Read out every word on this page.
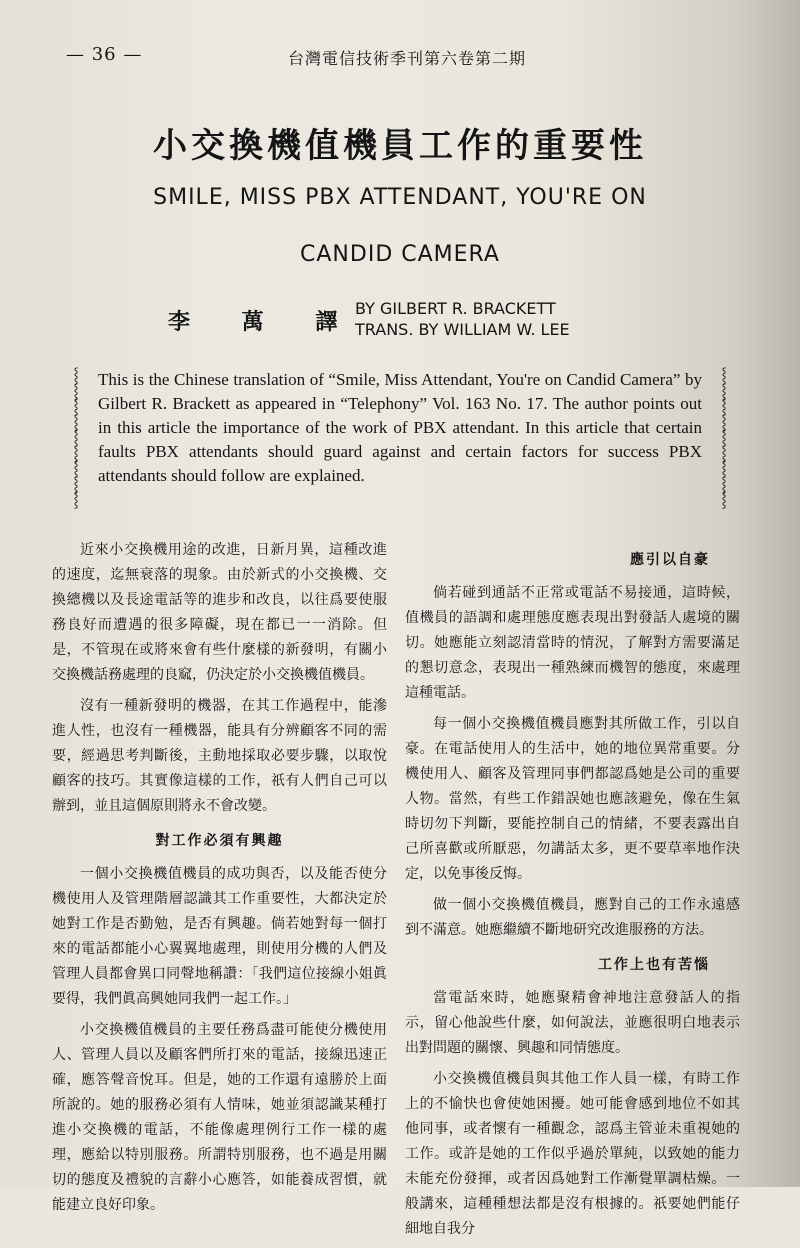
— 36 —	台灣電信技術季刊第六卷第二期
小交換機值機員工作的重要性
SMILE, MISS PBX ATTENDANT, YOU'RE ON
CANDID CAMERA
李 萬 譯
BY GILBERT R. BRACKETT
TRANS. BY WILLIAM W. LEE
⸾
⸾
⸾
⸾
⸾
⸾
⸾
⸾
⸾
This is the Chinese translation of “Smile, Miss Attendant, You're on Candid Camera” by Gilbert R. Brackett as appeared in “Telephony” Vol. 163 No. 17. The author points out in this article the importance of the work of PBX attendant. In this article that certain faults PBX attendants should guard against and certain factors for success PBX attendants should follow are explained.
⸾
⸾
⸾
⸾
⸾
⸾
⸾
⸾
⸾

近來小交換機用途的改進，日新月異，這種改進的速度，迄無衰落的現象。由於新式的小交換機、交換總機以及長途電話等的進步和改良，以往爲要使服務良好而遭遇的很多障礙，現在都已一一消除。但是，不管現在或將來會有些什麼樣的新發明，有關小交換機話務處理的良窳，仍決定於小交換機值機員。

沒有一種新發明的機器，在其工作過程中，能滲進人性，也沒有一種機器，能具有分辨顧客不同的需要，經過思考判斷後，主動地採取必要步驟，以取悅顧客的技巧。其實像這樣的工作，祇有人們自己可以辦到，並且這個原則將永不會改變。

對工作必須有興趣

一個小交換機值機員的成功與否，以及能否使分機使用人及管理階層認識其工作重要性，大都決定於她對工作是否勤勉，是否有興趣。倘若她對每一個打來的電話都能小心翼翼地處理，則使用分機的人們及管理人員都會異口同聲地稱讚：「我們這位接線小姐眞要得，我們眞高興她同我們一起工作。」

小交換機值機員的主要任務爲盡可能使分機使用人、管理人員以及顧客們所打來的電話，接線迅速正確，應答聲音悅耳。但是，她的工作還有遠勝於上面所說的。她的服務必須有人情味，她並須認識某種打進小交換機的電話，不能像處理例行工作一樣的處理，應給以特別服務。所謂特別服務，也不過是用關切的態度及禮貌的言辭小心應答，如能養成習慣，就能建立良好印象。

應引以自豪

倘若碰到通話不正常或電話不易接通，這時候，值機員的語調和處理態度應表現出對發話人處境的關切。她應能立刻認清當時的情況，了解對方需要滿足的懇切意念，表現出一種熟練而機智的態度，來處理這種電話。

每一個小交換機值機員應對其所做工作，引以自豪。在電話使用人的生活中，她的地位異常重要。分機使用人、顧客及管理同事們都認爲她是公司的重要人物。當然，有些工作錯誤她也應該避免，像在生氣時切勿下判斷，要能控制自己的情緒，不要表露出自己所喜歡或所厭惡，勿講話太多，更不要草率地作決定，以免事後反悔。

做一個小交換機值機員，應對自己的工作永遠感到不滿意。她應繼續不斷地研究改進服務的方法。

工作上也有苦惱

當電話來時，她應聚精會神地注意發話人的指示，留心他說些什麼，如何說法，並應很明白地表示出對問題的關懷、興趣和同情態度。

小交換機值機員與其他工作人員一樣，有時工作上的不愉快也會使她困擾。她可能會感到地位不如其他同事，或者懷有一種觀念，認爲主管並未重視她的工作。或許是她的工作似乎過於單純，以致她的能力未能充份發揮，或者因爲她對工作漸覺單調枯燥。一般講來，這種種想法都是沒有根據的。祇要她們能仔細地自我分
